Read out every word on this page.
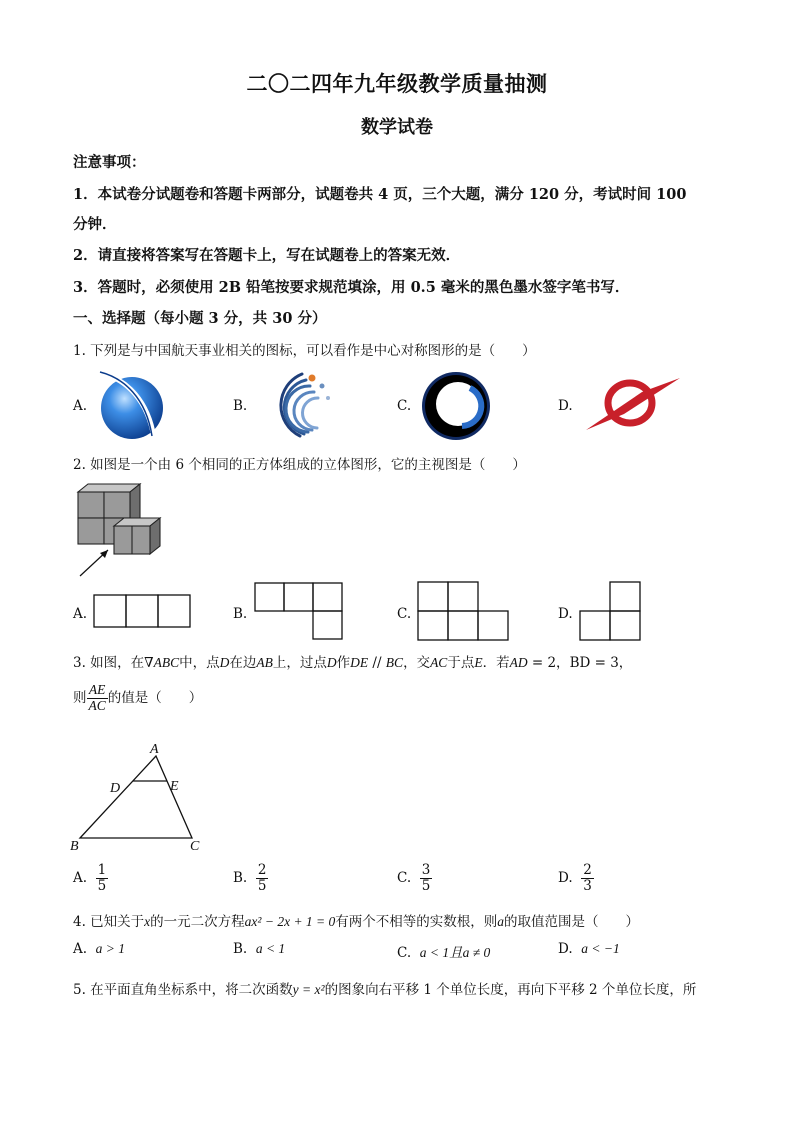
二〇二四年九年级教学质量抽测
数学试卷
注意事项：
1．本试卷分试题卷和答题卡两部分，试题卷共 4 页，三个大题，满分 120 分，考试时间 100
分钟．
2．请直接将答案写在答题卡上，写在试题卷上的答案无效．
3．答题时，必须使用 2B 铅笔按要求规范填涂，用 0.5 毫米的黑色墨水签字笔书写．
一、选择题（每小题 3 分，共 30 分）
1. 下列是与中国航天事业相关的图标，可以看作是中心对称图形的是（　　）
A.	B.	C.	D.
2. 如图是一个由 6 个相同的正方体组成的立体图形，它的主视图是（　　）
A.	B.	C.	D.
3. 如图，在∇ABC中，点D在边AB上，过点D作DE // BC，交AC于点E．若AD = 2，BD = 3，
则 $\frac{AE}{AC}$ 的值是（　　）
A
D	E
B	C
A. $\frac{1}{5}$	B. $\frac{2}{5}$	C. $\frac{3}{5}$	D. $\frac{2}{3}$
4. 已知关于x的一元二次方程ax² − 2x + 1 = 0有两个不相等的实数根，则a的取值范围是（　　）
A. a > 1	B. a < 1	C. a < 1且a ≠ 0	D. a < −1
5. 在平面直角坐标系中，将二次函数y = x²的图象向右平移 1 个单位长度，再向下平移 2 个单位长度，所
